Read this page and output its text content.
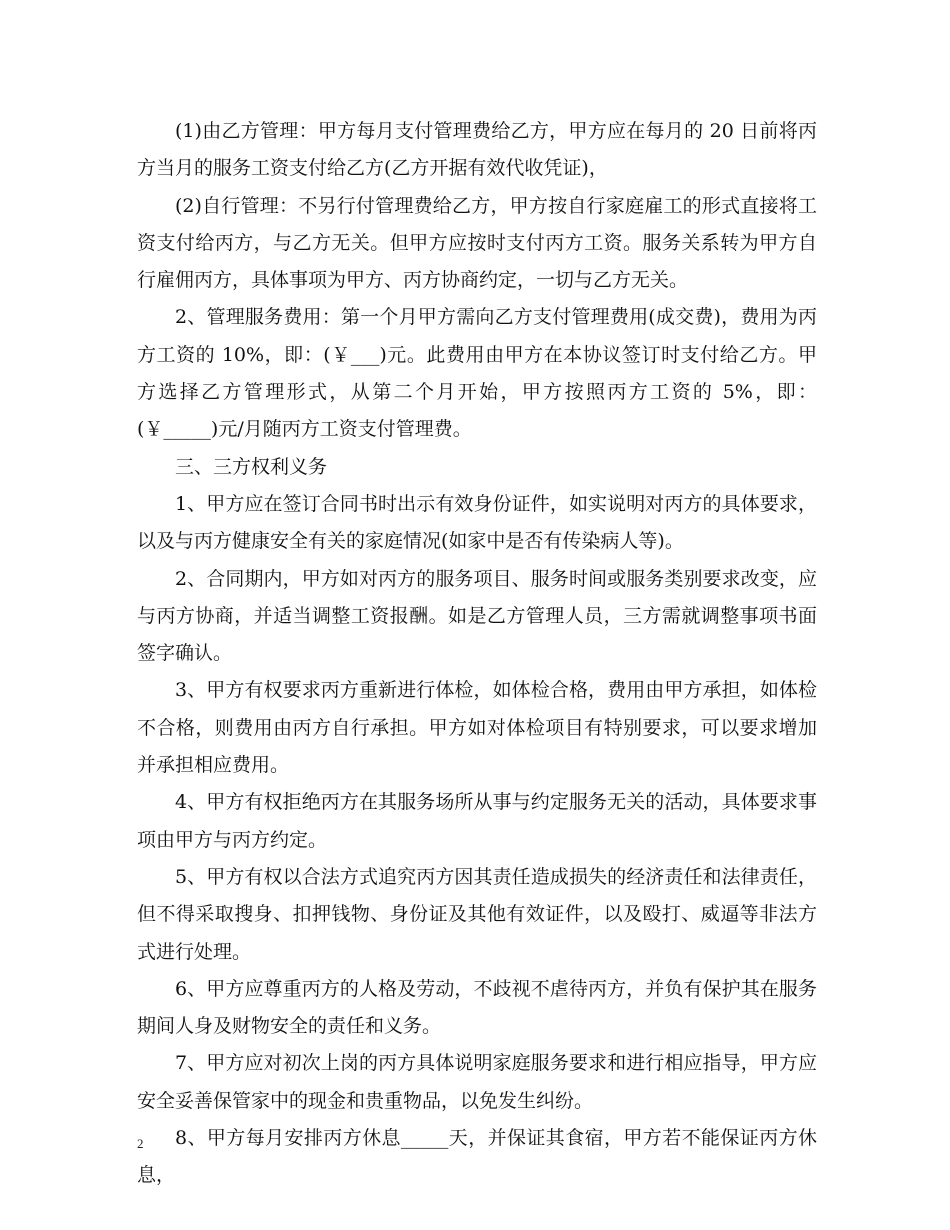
(1)由乙方管理：甲方每月支付管理费给乙方，甲方应在每月的 20 日前将丙方当月的服务工资支付给乙方(乙方开据有效代收凭证)，

(2)自行管理：不另行付管理费给乙方，甲方按自行家庭雇工的形式直接将工资支付给丙方，与乙方无关。但甲方应按时支付丙方工资。服务关系转为甲方自行雇佣丙方，具体事项为甲方、丙方协商约定，一切与乙方无关。

2、管理服务费用：第一个月甲方需向乙方支付管理费用(成交费)，费用为丙方工资的 10%，即：(￥___)元。此费用由甲方在本协议签订时支付给乙方。甲方选择乙方管理形式，从第二个月开始，甲方按照丙方工资的 5%，即：(￥_____)元/月随丙方工资支付管理费。

三、三方权利义务

1、甲方应在签订合同书时出示有效身份证件，如实说明对丙方的具体要求，以及与丙方健康安全有关的家庭情况(如家中是否有传染病人等)。

2、合同期内，甲方如对丙方的服务项目、服务时间或服务类别要求改变，应与丙方协商，并适当调整工资报酬。如是乙方管理人员，三方需就调整事项书面签字确认。

3、甲方有权要求丙方重新进行体检，如体检合格，费用由甲方承担，如体检不合格，则费用由丙方自行承担。甲方如对体检项目有特别要求，可以要求增加并承担相应费用。

4、甲方有权拒绝丙方在其服务场所从事与约定服务无关的活动，具体要求事项由甲方与丙方约定。

5、甲方有权以合法方式追究丙方因其责任造成损失的经济责任和法律责任，但不得采取搜身、扣押钱物、身份证及其他有效证件，以及殴打、威逼等非法方式进行处理。

6、甲方应尊重丙方的人格及劳动，不歧视不虐待丙方，并负有保护其在服务期间人身及财物安全的责任和义务。

7、甲方应对初次上岗的丙方具体说明家庭服务要求和进行相应指导，甲方应安全妥善保管家中的现金和贵重物品，以免发生纠纷。

8、甲方每月安排丙方休息_____天，并保证其食宿，甲方若不能保证丙方休息，

2
